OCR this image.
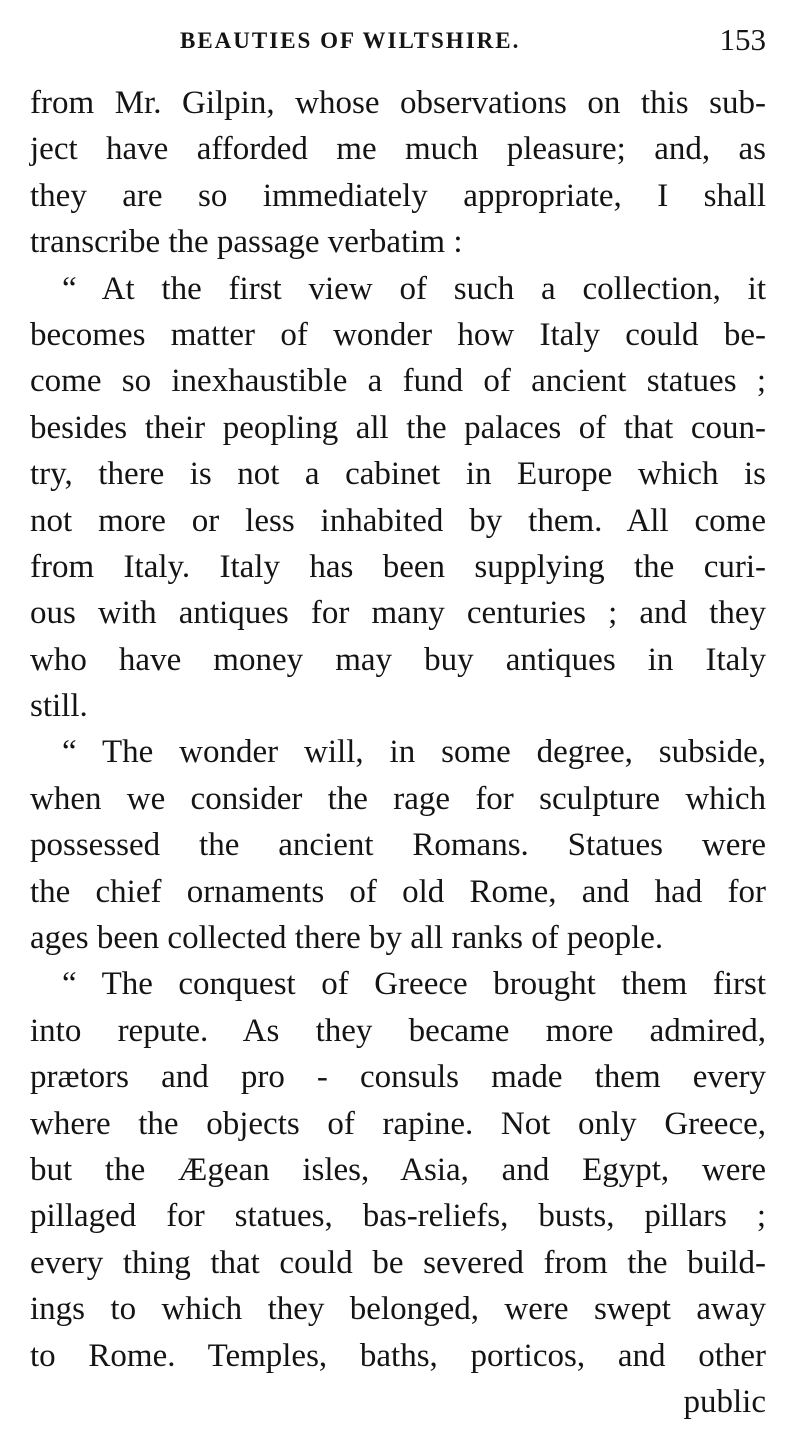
BEAUTIES OF WILTSHIRE.	153
from Mr. Gilpin, whose observations on this sub-
ject have afforded me much pleasure; and, as
they are so immediately appropriate, I shall
transcribe the passage verbatim :
“ At the first view of such a collection, it
becomes matter of wonder how Italy could be-
come so inexhaustible a fund of ancient statues ;
besides their peopling all the palaces of that coun-
try, there is not a cabinet in Europe which is
not more or less inhabited by them. All come
from Italy. Italy has been supplying the curi-
ous with antiques for many centuries ; and they
who have money may buy antiques in Italy
still.
“ The wonder will, in some degree, subside,
when we consider the rage for sculpture which
possessed the ancient Romans. Statues were
the chief ornaments of old Rome, and had for
ages been collected there by all ranks of people.
“ The conquest of Greece brought them first
into repute. As they became more admired,
prætors and pro - consuls made them every
where the objects of rapine. Not only Greece,
but the Ægean isles, Asia, and Egypt, were
pillaged for statues, bas-reliefs, busts, pillars ;
every thing that could be severed from the build-
ings to which they belonged, were swept away
to Rome. Temples, baths, porticos, and other
public
